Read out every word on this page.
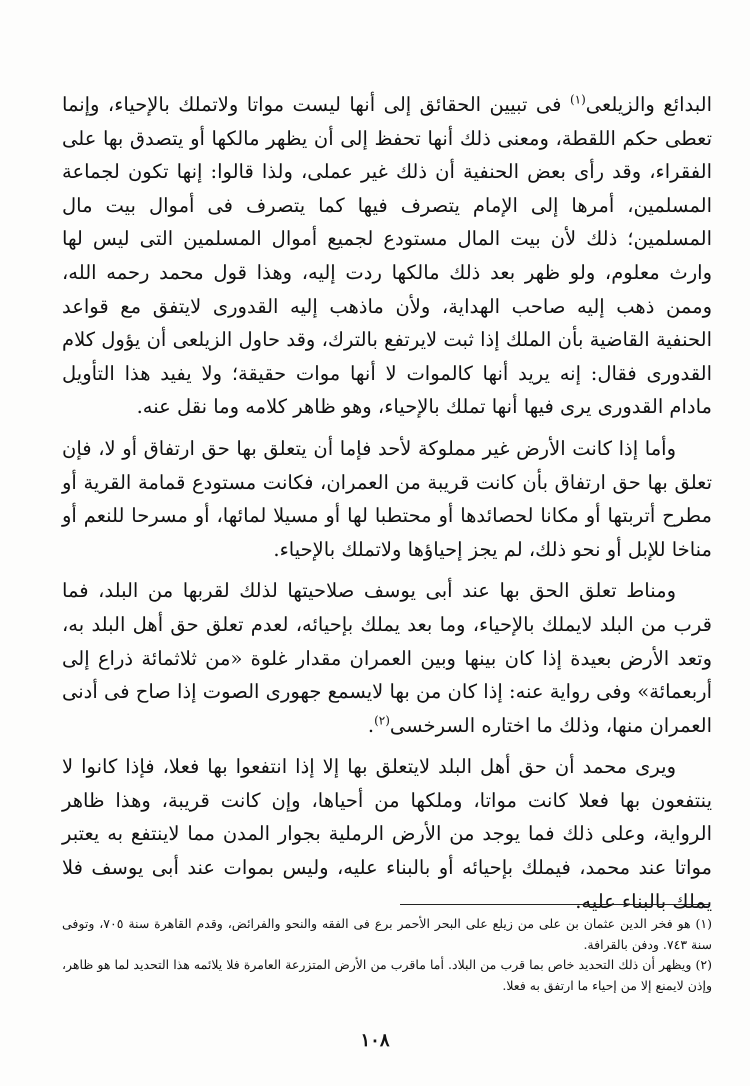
البدائع والزيلعى$^{(١)}$ فى تبيين الحقائق إلى أنها ليست مواتا ولاتملك بالإحياء، وإنما تعطى حكم اللقطة، ومعنى ذلك أنها تحفظ إلى أن يظهر مالكها أو يتصدق بها على الفقراء، وقد رأى بعض الحنفية أن ذلك غير عملى، ولذا قالوا: إنها تكون لجماعة المسلمين، أمرها إلى الإمام يتصرف فيها كما يتصرف فى أموال بيت مال المسلمين؛ ذلك لأن بيت المال مستودع لجميع أموال المسلمين التى ليس لها وارث معلوم، ولو ظهر بعد ذلك مالكها ردت إليه، وهذا قول محمد رحمه الله، وممن ذهب إليه صاحب الهداية، ولأن ماذهب إليه القدورى لايتفق مع قواعد الحنفية القاضية بأن الملك إذا ثبت لايرتفع بالترك، وقد حاول الزيلعى أن يؤول كلام القدورى فقال: إنه يريد أنها كالموات لا أنها موات حقيقة؛ ولا يفيد هذا التأويل مادام القدورى يرى فيها أنها تملك بالإحياء، وهو ظاهر كلامه وما نقل عنه.

وأما إذا كانت الأرض غير مملوكة لأحد فإما أن يتعلق بها حق ارتفاق أو لا، فإن تعلق بها حق ارتفاق بأن كانت قريبة من العمران، فكانت مستودع قمامة القرية أو مطرح أتربتها أو مكانا لحصائدها أو محتطبا لها أو مسيلا لمائها، أو مسرحا للنعم أو مناخا للإبل أو نحو ذلك، لم يجز إحياؤها ولاتملك بالإحياء.

ومناط تعلق الحق بها عند أبى يوسف صلاحيتها لذلك لقربها من البلد، فما قرب من البلد لايملك بالإحياء، وما بعد يملك بإحيائه، لعدم تعلق حق أهل البلد به، وتعد الأرض بعيدة إذا كان بينها وبين العمران مقدار غلوة «من ثلاثمائة ذراع إلى أربعمائة» وفى رواية عنه: إذا كان من بها لايسمع جهورى الصوت إذا صاح فى أدنى العمران منها، وذلك ما اختاره السرخسى$^{(٢)}$.

ويرى محمد أن حق أهل البلد لايتعلق بها إلا إذا انتفعوا بها فعلا، فإذا كانوا لا ينتفعون بها فعلا كانت مواتا، وملكها من أحياها، وإن كانت قريبة، وهذا ظاهر الرواية، وعلى ذلك فما يوجد من الأرض الرملية بجوار المدن مما لاينتفع به يعتبر مواتا عند محمد، فيملك بإحيائه أو بالبناء عليه، وليس بموات عند أبى يوسف فلا يملك بالبناء عليه.

(١) هو فخر الدين عثمان بن على من زيلع على البحر الأحمر برع فى الفقه والنحو والفرائض، وقدم القاهرة سنة ٧٠٥، وتوفى سنة ٧٤٣. ودفن بالقرافة.

(٢) ويظهر أن ذلك التحديد خاص بما قرب من البلاد. أما ماقرب من الأرض المتزرعة العامرة فلا يلائمه هذا التحديد لما هو ظاهر، وإذن لايمنع إلا من إحياء ما ارتفق به فعلا.

١٠٨
